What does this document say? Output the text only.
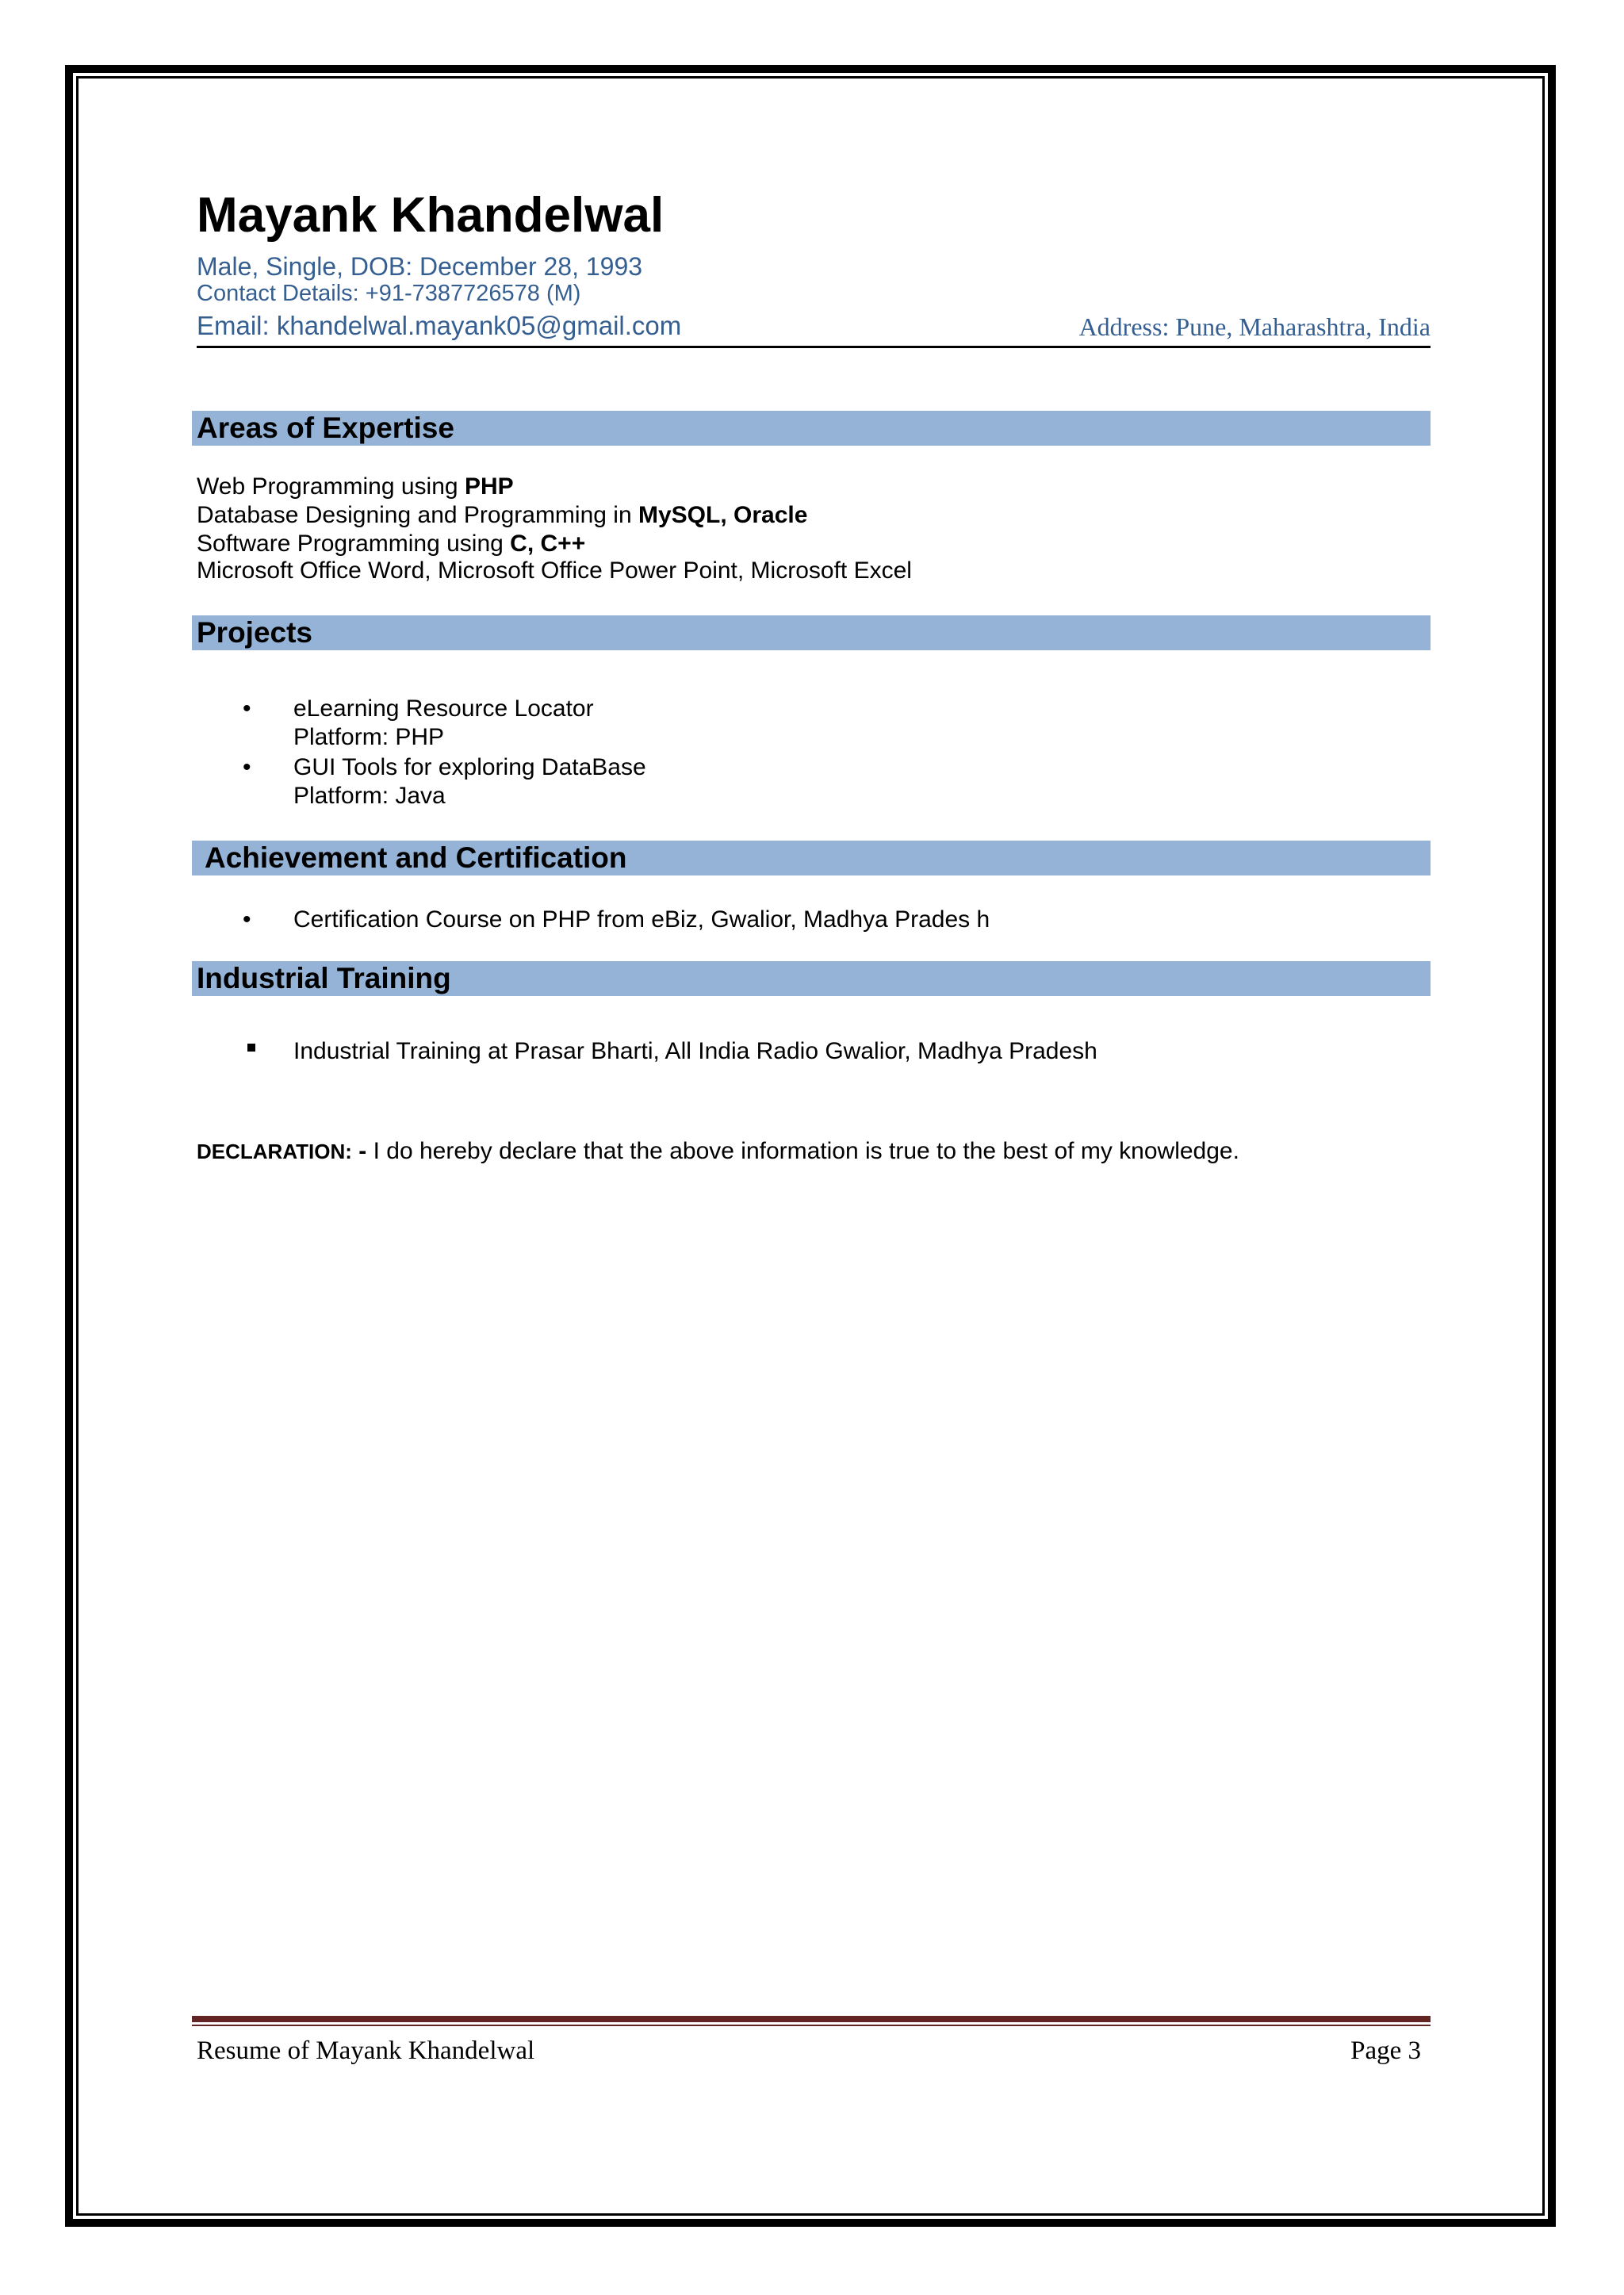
Mayank Khandelwal

Male, Single, DOB: December 28, 1993

Contact Details: +91-7387726578 (M)

Email: khandelwal.mayank05@gmail.com	Address: Pune, Maharashtra, India

Areas of Expertise

Web Programming using PHP

Database Designing and Programming in MySQL, Oracle

Software Programming using C, C++

Microsoft Office Word, Microsoft Office Power Point, Microsoft Excel

Projects
• eLearning Resource Locator

Platform: PHP

• GUI Tools for exploring DataBase

Platform: Java

Achievement and Certification
• Certification Course on PHP from eBiz, Gwalior, Madhya Prades h

Industrial Training

Industrial Training at Prasar Bharti, All India Radio Gwalior, Madhya Pradesh

DECLARATION: - I do hereby declare that the above information is true to the best of my knowledge.

Resume of Mayank Khandelwal	Page 3
